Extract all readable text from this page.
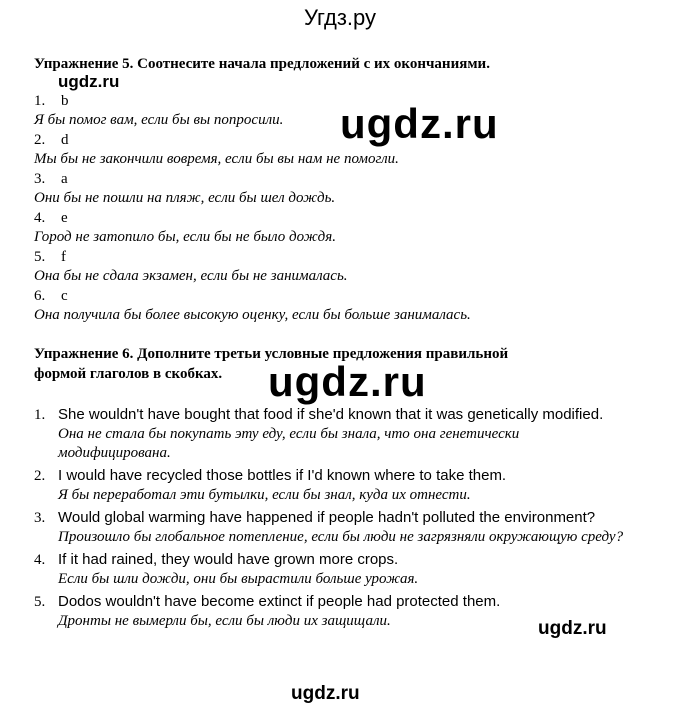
Угдз.ру
Упражнение 5. Соотнесите начала предложений с их окончаниями.
1.	b
Я бы помог вам, если бы вы попросили.
2.	d
Мы бы не закончили вовремя, если бы вы нам не помогли.
3.	a
Они бы не пошли на пляж, если бы шел дождь.
4.	e
Город не затопило бы, если бы не было дождя.
5.	f
Она бы не сдала экзамен, если бы не занималась.
6.	c
Она получила бы более высокую оценку, если бы больше занималась.
Упражнение 6. Дополните третьи условные предложения правильной
формой глаголов в скобках.
1. She wouldn't have bought that food if she'd known that it was genetically modified.
Она не стала бы покупать эту еду, если бы знала, что она генетически модифицирована.
2. I would have recycled those bottles if I'd known where to take them.
Я бы переработал эти бутылки, если бы знал, куда их отнести.
3. Would global warming have happened if people hadn't polluted the environment?
Произошло бы глобальное потепление, если бы люди не загрязняли окружающую среду?
4. If it had rained, they would have grown more crops.
Если бы шли дожди, они бы вырастили больше урожая.
5. Dodos wouldn't have become extinct if people had protected them.
Дронты не вымерли бы, если бы люди их защищали.
ugdz.ru
ugdz.ru
ugdz.ru
ugdz.ru
ugdz.ru
